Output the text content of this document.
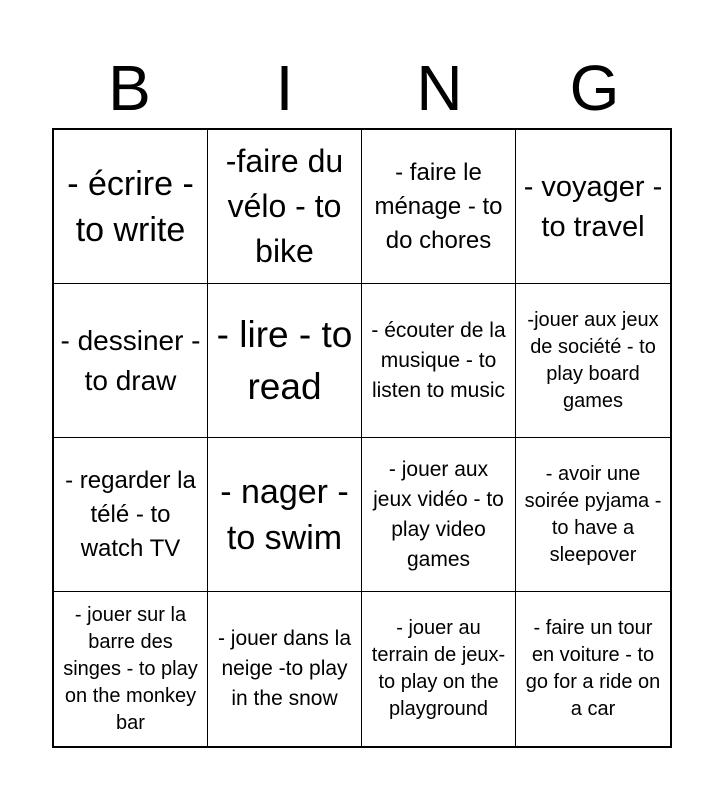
B	I	N	G
- écrire - to write
-faire du vélo - to bike
- faire le ménage - to do chores
- voyager - to travel
- dessiner - to draw
- lire - to read
- écouter de la musique - to listen to music
-jouer aux jeux de société - to play board games
- regarder la télé - to watch TV
- nager -to swim
- jouer aux jeux vidéo - to play video games
- avoir une soirée pyjama - to have a sleepover
- jouer sur la barre des singes - to play on the monkey bar
- jouer dans la neige -to play in the snow
- jouer au terrain de jeux- to play on the playground
- faire un tour en voiture - to go for a ride on a car
